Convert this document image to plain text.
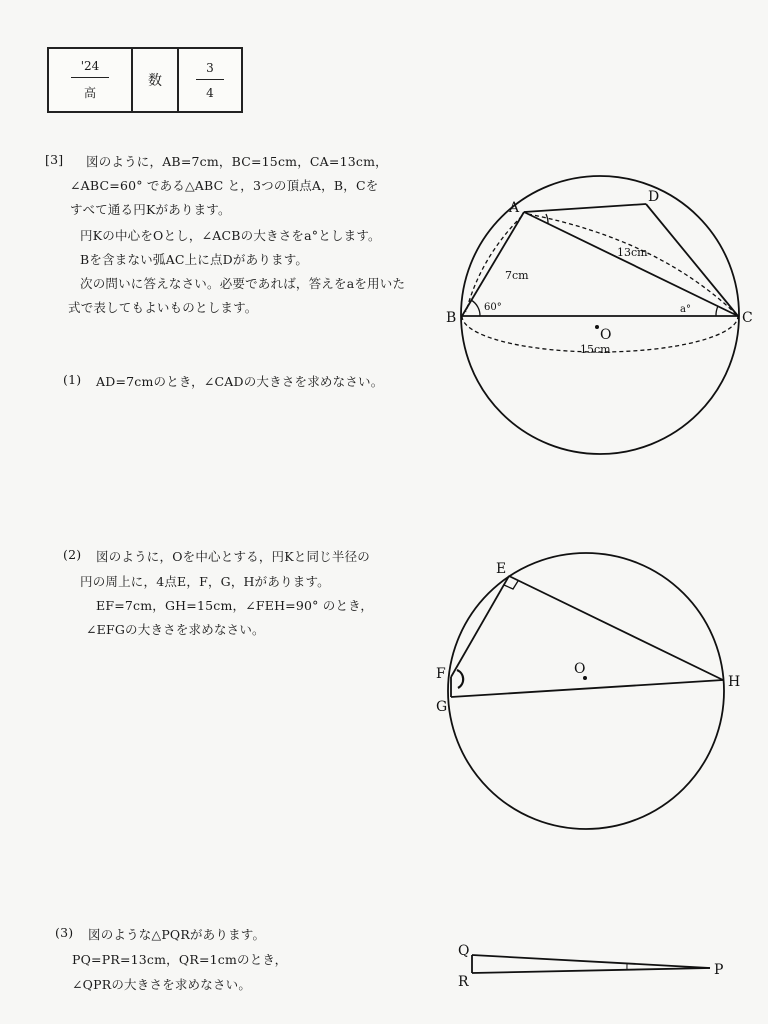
'24
高
数
3
4
[3] 図のように，AB=7cm，BC=15cm，CA=13cm，
∠ABC=60° である△ABC と，3つの頂点A，B，Cを
すべて通る円Kがあります。
円Kの中心をOとし，∠ACBの大きさをa°とします。
Bを含まない弧AC上に点Dがあります。
次の問いに答えなさい。必要であれば，答えをaを用いた
式で表してもよいものとします。
(1) AD=7cmのとき，∠CADの大きさを求めなさい。
(2) 図のように，Oを中心とする，円Kと同じ半径の
円の周上に，4点E，F，G，Hがあります。
EF=7cm，GH=15cm，∠FEH=90° のとき，
∠EFGの大きさを求めなさい。
(3) 図のような△PQRがあります。
PQ=PR=13cm，QR=1cmのとき，
∠QPRの大きさを求めなさい。
A
B	C
D
O
7cm
13cm
15cm
60°	a°
E
F
G
H
O
Q
R
P
